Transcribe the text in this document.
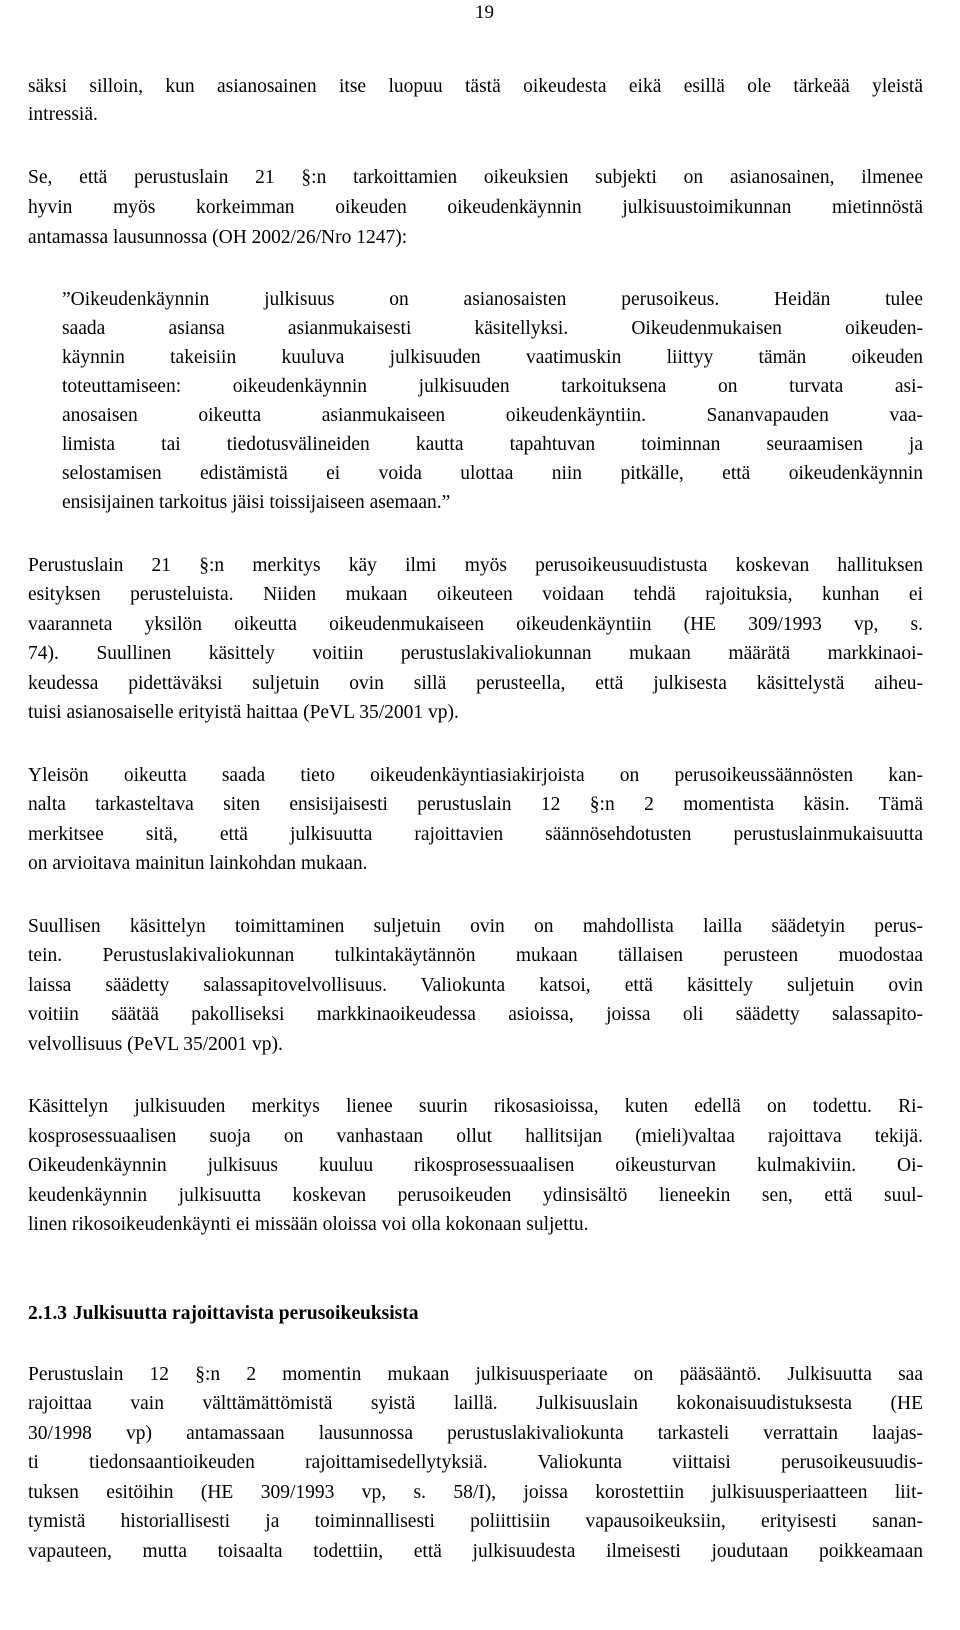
19
säksi silloin, kun asianosainen itse luopuu tästä oikeudesta eikä esillä ole tärkeää yleistä
intressiä.
Se, että perustuslain 21 §:n tarkoittamien oikeuksien subjekti on asianosainen, ilmenee
hyvin myös korkeimman oikeuden oikeudenkäynnin julkisuustoimikunnan mietinnöstä
antamassa lausunnossa (OH 2002/26/Nro 1247):
”Oikeudenkäynnin julkisuus on asianosaisten perusoikeus. Heidän tulee
saada asiansa asianmukaisesti käsitellyksi. Oikeudenmukaisen oikeuden-
käynnin takeisiin kuuluva julkisuuden vaatimuskin liittyy tämän oikeuden
toteuttamiseen: oikeudenkäynnin julkisuuden tarkoituksena on turvata asi-
anosaisen oikeutta asianmukaiseen oikeudenkäyntiin. Sananvapauden vaa-
limista tai tiedotusvälineiden kautta tapahtuvan toiminnan seuraamisen ja
selostamisen edistämistä ei voida ulottaa niin pitkälle, että oikeudenkäynnin
ensisijainen tarkoitus jäisi toissijaiseen asemaan.”
Perustuslain 21 §:n merkitys käy ilmi myös perusoikeusuudistusta koskevan hallituksen
esityksen perusteluista. Niiden mukaan oikeuteen voidaan tehdä rajoituksia, kunhan ei
vaaranneta yksilön oikeutta oikeudenmukaiseen oikeudenkäyntiin (HE 309/1993 vp, s.
74). Suullinen käsittely voitiin perustuslakivaliokunnan mukaan määrätä markkinaoi-
keudessa pidettäväksi suljetuin ovin sillä perusteella, että julkisesta käsittelystä aiheu-
tuisi asianosaiselle erityistä haittaa (PeVL 35/2001 vp).
Yleisön oikeutta saada tieto oikeudenkäyntiasiakirjoista on perusoikeussäännösten kan-
nalta tarkasteltava siten ensisijaisesti perustuslain 12 §:n 2 momentista käsin. Tämä
merkitsee sitä, että julkisuutta rajoittavien säännösehdotusten perustuslainmukaisuutta
on arvioitava mainitun lainkohdan mukaan.
Suullisen käsittelyn toimittaminen suljetuin ovin on mahdollista lailla säädetyin perus-
tein. Perustuslakivaliokunnan tulkintakäytännön mukaan tällaisen perusteen muodostaa
laissa säädetty salassapitovelvollisuus. Valiokunta katsoi, että käsittely suljetuin ovin
voitiin säätää pakolliseksi markkinaoikeudessa asioissa, joissa oli säädetty salassapito-
velvollisuus (PeVL 35/2001 vp).
Käsittelyn julkisuuden merkitys lienee suurin rikosasioissa, kuten edellä on todettu. Ri-
kosprosessuaalisen suoja on vanhastaan ollut hallitsijan (mieli)valtaa rajoittava tekijä.
Oikeudenkäynnin julkisuus kuuluu rikosprosessuaalisen oikeusturvan kulmakiviin. Oi-
keudenkäynnin julkisuutta koskevan perusoikeuden ydinsisältö lieneekin sen, että suul-
linen rikosoikeudenkäynti ei missään oloissa voi olla kokonaan suljettu.
2.1.3 Julkisuutta rajoittavista perusoikeuksista
Perustuslain 12 §:n 2 momentin mukaan julkisuusperiaate on pääsääntö. Julkisuutta saa
rajoittaa vain välttämättömistä syistä laillä. Julkisuuslain kokonaisuudistuksesta (HE
30/1998 vp) antamassaan lausunnossa perustuslakivaliokunta tarkasteli verrattain laajas-
ti tiedonsaantioikeuden rajoittamisedellytyksiä. Valiokunta viittaisi perusoikeusuudis-
tuksen esitöihin (HE 309/1993 vp, s. 58/I), joissa korostettiin julkisuusperiaatteen liit-
tymistä historiallisesti ja toiminnallisesti poliittisiin vapausoikeuksiin, erityisesti sanan-
vapauteen, mutta toisaalta todettiin, että julkisuudesta ilmeisesti joudutaan poikkeamaan
